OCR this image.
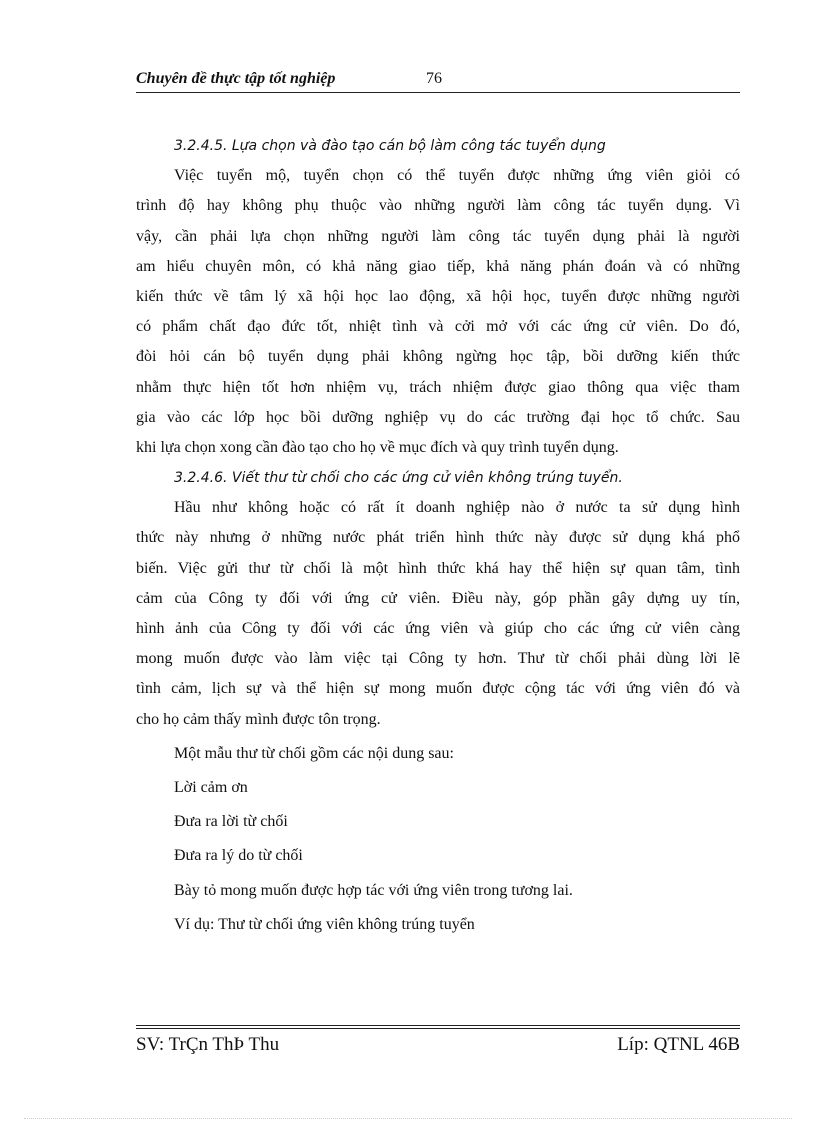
Chuyên đề thực tập tốt nghiệp	76
3.2.4.5. Lựa chọn và đào tạo cán bộ làm công tác tuyển dụng
Việc tuyển mộ, tuyển chọn có thể tuyển được những ứng viên giỏi có
trình độ hay không phụ thuộc vào những người làm công tác tuyển dụng. Vì
vậy, cần phải lựa chọn những người làm công tác tuyển dụng phải là người
am hiểu chuyên môn, có khả năng giao tiếp, khả năng phán đoán và có những
kiến thức về tâm lý xã hội học lao động, xã hội học, tuyển được những người
có phẩm chất đạo đức tốt, nhiệt tình và cởi mở với các ứng cử viên. Do đó,
đòi hỏi cán bộ tuyển dụng phải không ngừng học tập, bồi dưỡng kiến thức
nhằm thực hiện tốt hơn nhiệm vụ, trách nhiệm được giao thông qua việc tham
gia vào các lớp học bồi dưỡng nghiệp vụ do các trường đại học tổ chức. Sau
khi lựa chọn xong cần đào tạo cho họ về mục đích và quy trình tuyển dụng.
3.2.4.6. Viết thư từ chối cho các ứng cử viên không trúng tuyển.
Hầu như không hoặc có rất ít doanh nghiệp nào ở nước ta sử dụng hình
thức này nhưng ở những nước phát triển hình thức này được sử dụng khá phổ
biến. Việc gửi thư từ chối là một hình thức khá hay thể hiện sự quan tâm, tình
cảm của Công ty đối với ứng cử viên. Điều này, góp phần gây dựng uy tín,
hình ảnh của Công ty đối với các ứng viên và giúp cho các ứng cử viên càng
mong muốn được vào làm việc tại Công ty hơn. Thư từ chối phải dùng lời lẽ
tình cảm, lịch sự và thể hiện sự mong muốn được cộng tác với ứng viên đó và
cho họ cảm thấy mình được tôn trọng.
Một mẫu thư từ chối gồm các nội dung sau:
Lời cảm ơn
Đưa ra lời từ chối
Đưa ra lý do từ chối
Bày tỏ mong muốn được hợp tác với ứng viên trong tương lai.
Ví dụ: Thư từ chối ứng viên không trúng tuyển
SV: TrÇn ThÞ Thu	Líp: QTNL 46B
